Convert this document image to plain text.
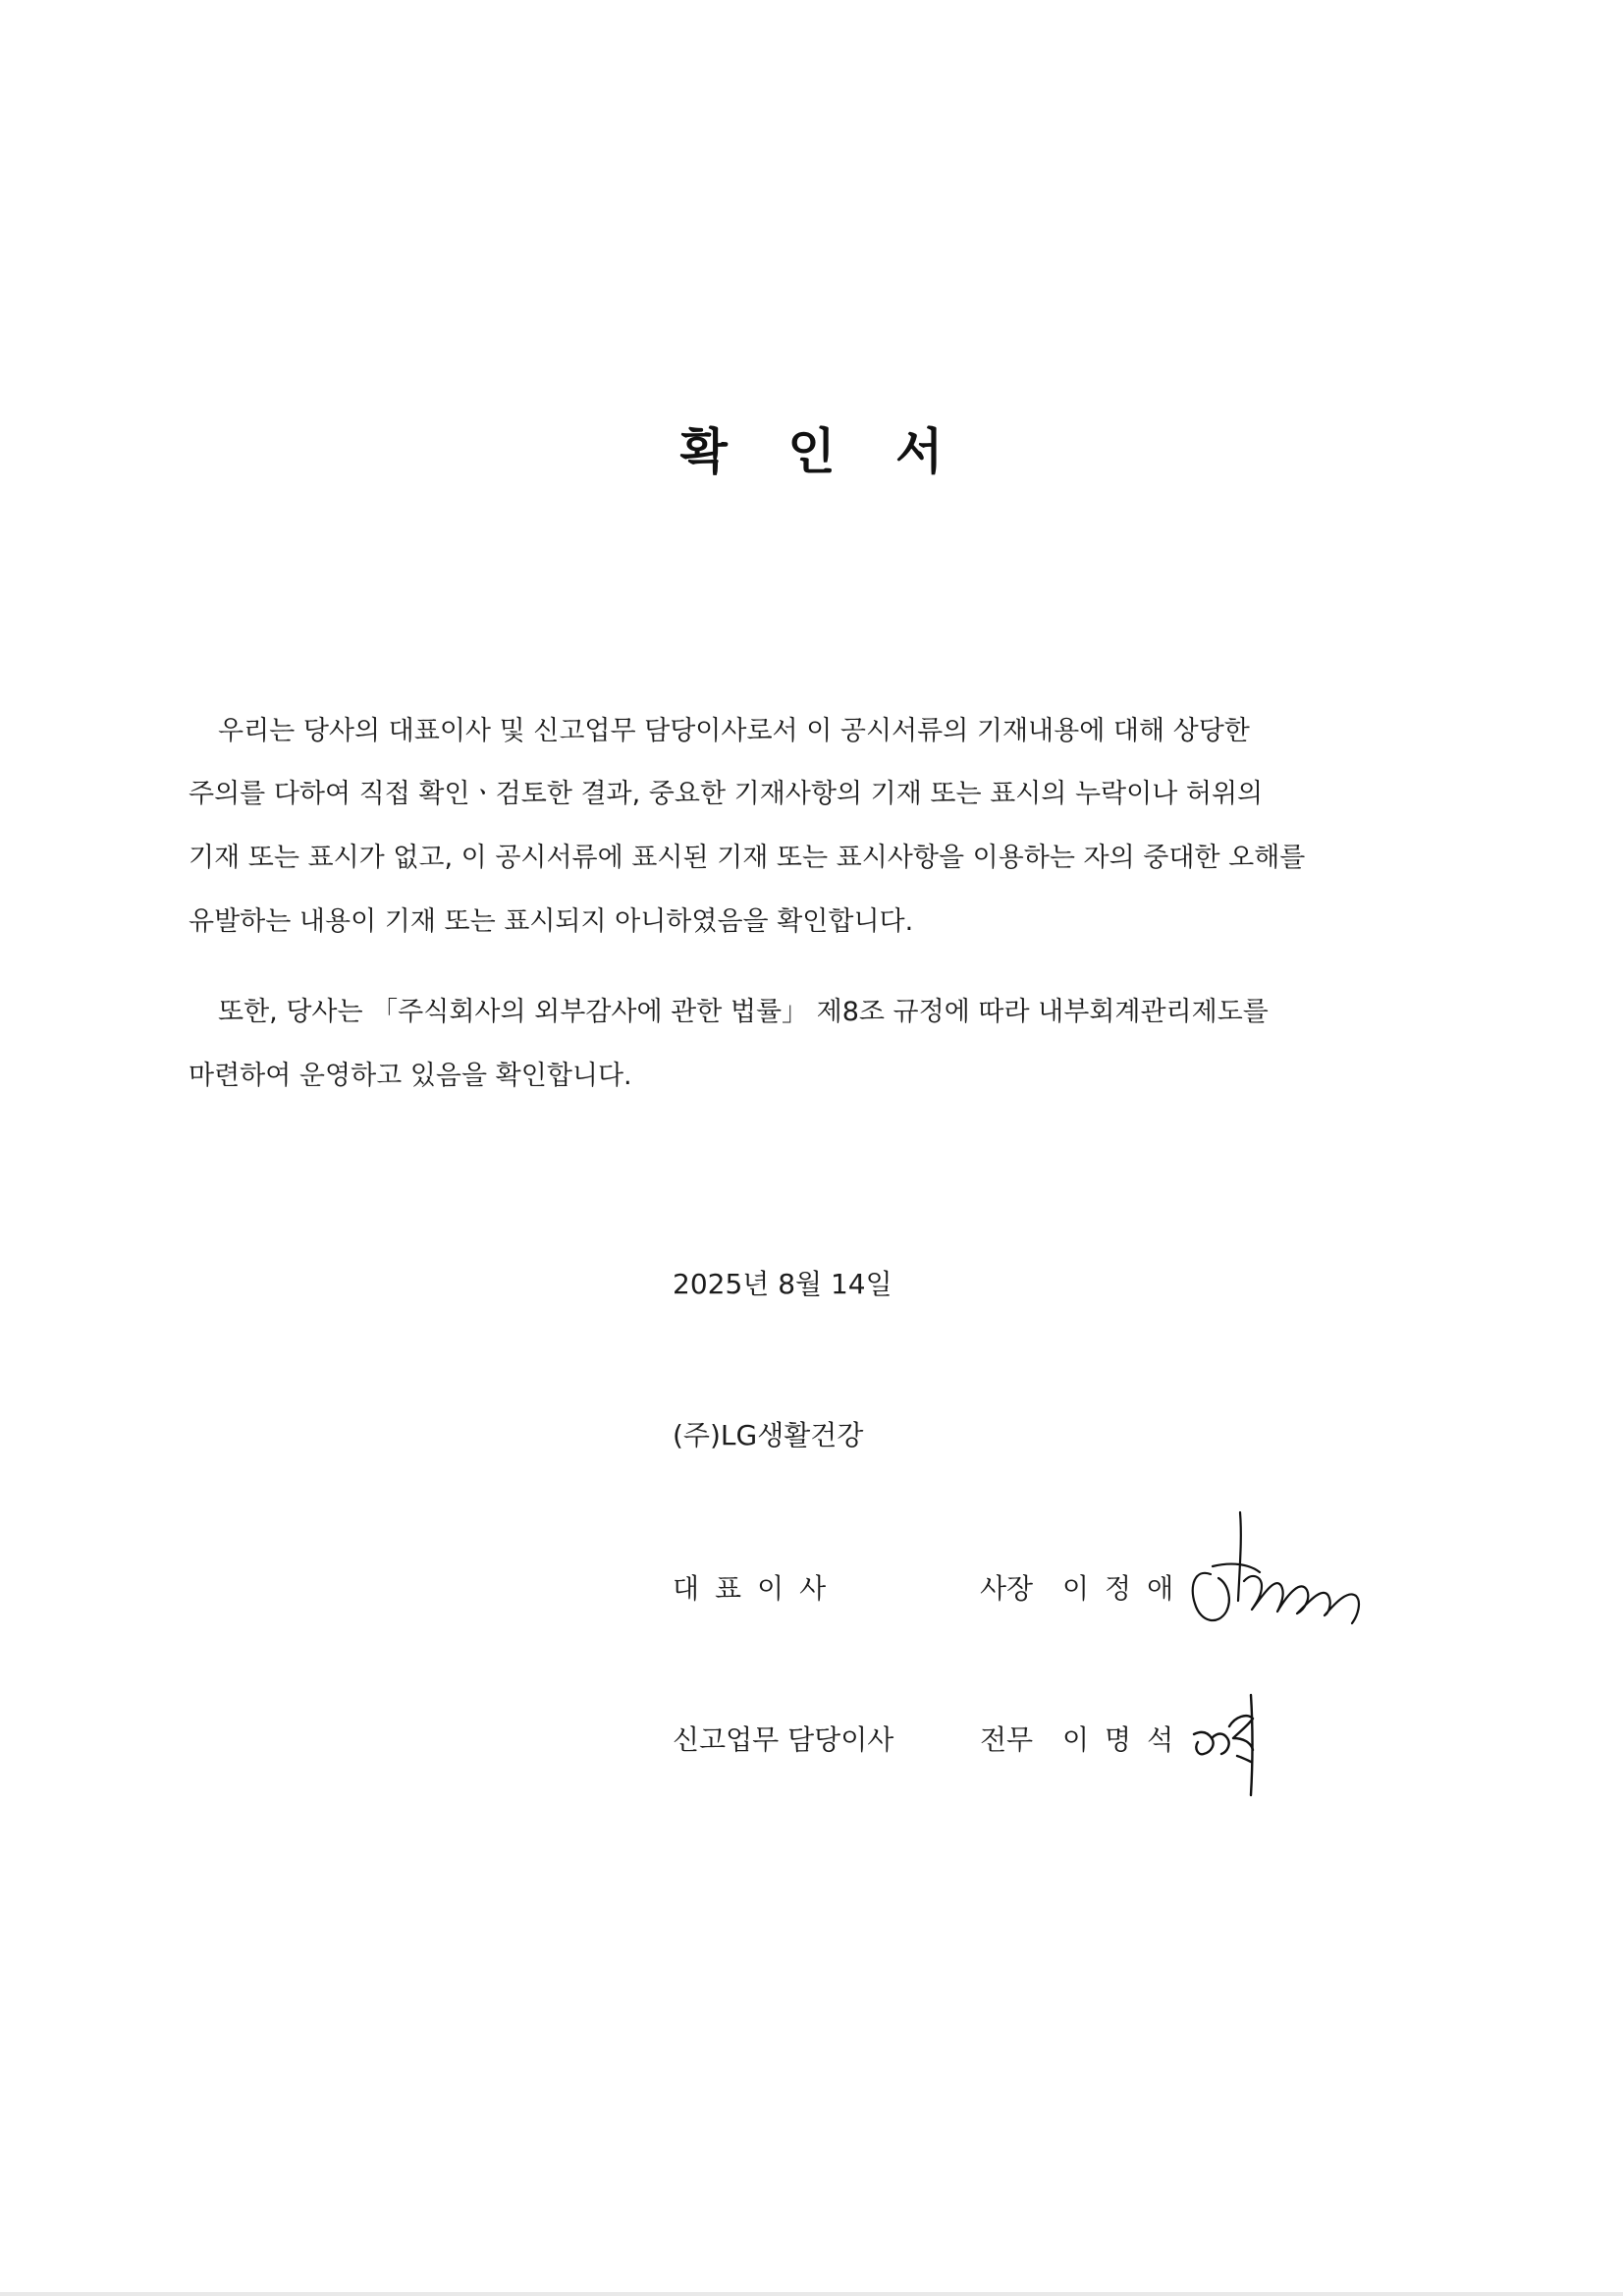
확 인 서
우리는 당사의 대표이사 및 신고업무 담당이사로서 이 공시서류의 기재내용에 대해 상당한
주의를 다하여 직접 확인ㆍ검토한 결과, 중요한 기재사항의 기재 또는 표시의 누락이나 허위의
기재 또는 표시가 없고, 이 공시서류에 표시된 기재 또는 표시사항을 이용하는 자의 중대한 오해를
유발하는 내용이 기재 또는 표시되지 아니하였음을 확인합니다.
또한, 당사는 「주식회사의 외부감사에 관한 법률」 제8조 규정에 따라 내부회계관리제도를
마련하여 운영하고 있음을 확인합니다.
2025년 8월 14일
(주)LG생활건강
대표이사	사장 이정애
신고업무 담당이사	전무 이명석
